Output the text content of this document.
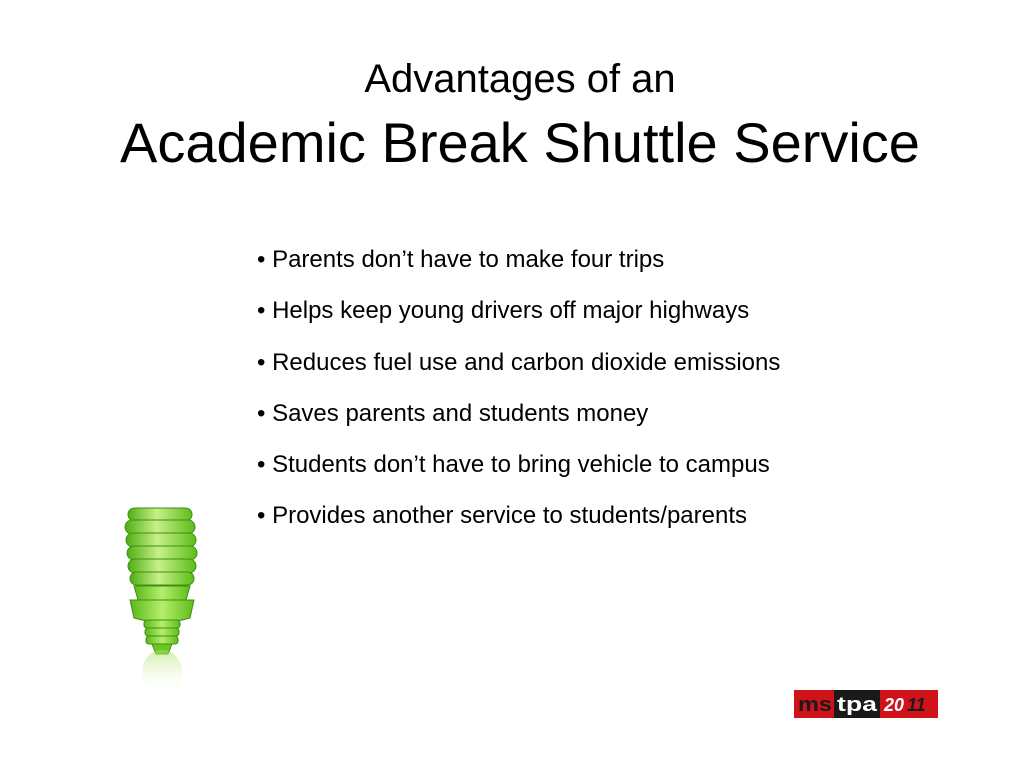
Advantages of an
Academic Break Shuttle Service
• Parents don’t have to make four trips
• Helps keep young drivers off major highways
• Reduces fuel use and carbon dioxide emissions
• Saves parents and students money
• Students don’t have to bring vehicle to campus
• Provides another service to students/parents
ms tpa 20 11
